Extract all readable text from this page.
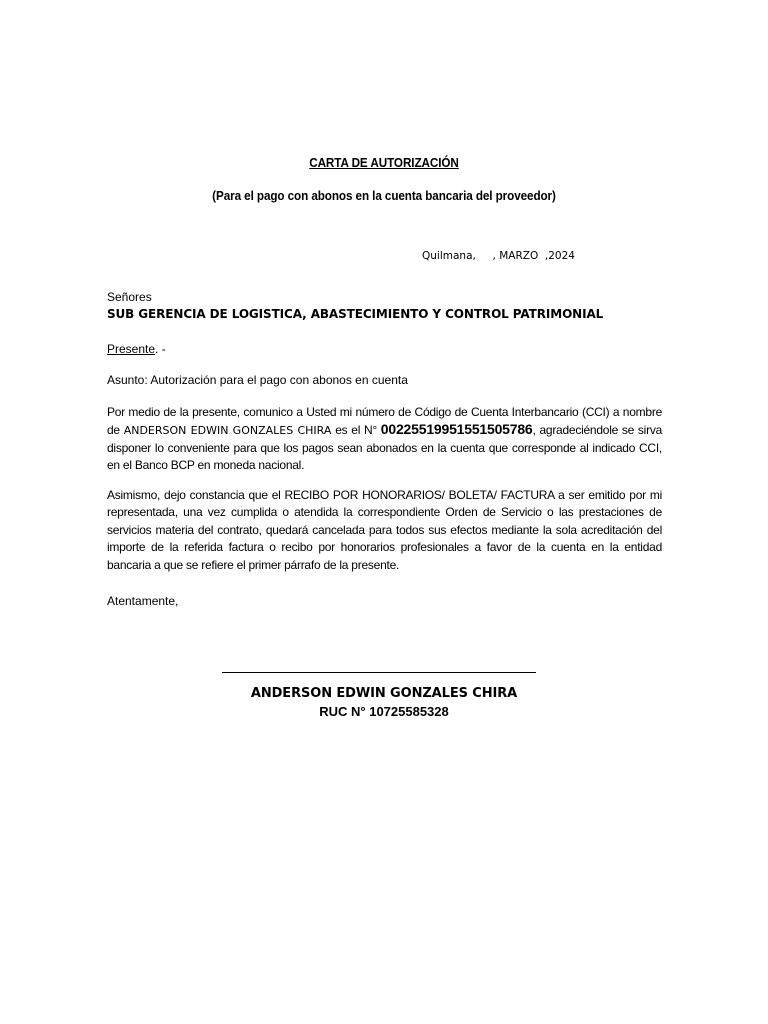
CARTA DE AUTORIZACIÓN
(Para el pago con abonos en la cuenta bancaria del proveedor)
Quilmana,     , MARZO  ,2024
Señores
SUB GERENCIA DE LOGISTICA, ABASTECIMIENTO Y CONTROL PATRIMONIAL
Presente. -
Asunto: Autorización para el pago con abonos en cuenta
Por medio de la presente, comunico a Usted mi número de Código de Cuenta Interbancario (CCI) a nombre de ANDERSON EDWIN GONZALES CHIRA es el N° 00225519951551505786, agradeciéndole se sirva disponer lo conveniente para que los pagos sean abonados en la cuenta que corresponde al indicado CCI, en el Banco BCP en moneda nacional.
Asimismo, dejo constancia que el RECIBO POR HONORARIOS/ BOLETA/ FACTURA a ser emitido por mi representada, una vez cumplida o atendida la correspondiente Orden de Servicio o las prestaciones de servicios materia del contrato, quedará cancelada para todos sus efectos mediante la sola acreditación del importe de la referida factura o recibo por honorarios profesionales a favor de la cuenta en la entidad bancaria a que se refiere el primer párrafo de la presente.
Atentamente,
ANDERSON EDWIN GONZALES CHIRA
RUC N° 10725585328
